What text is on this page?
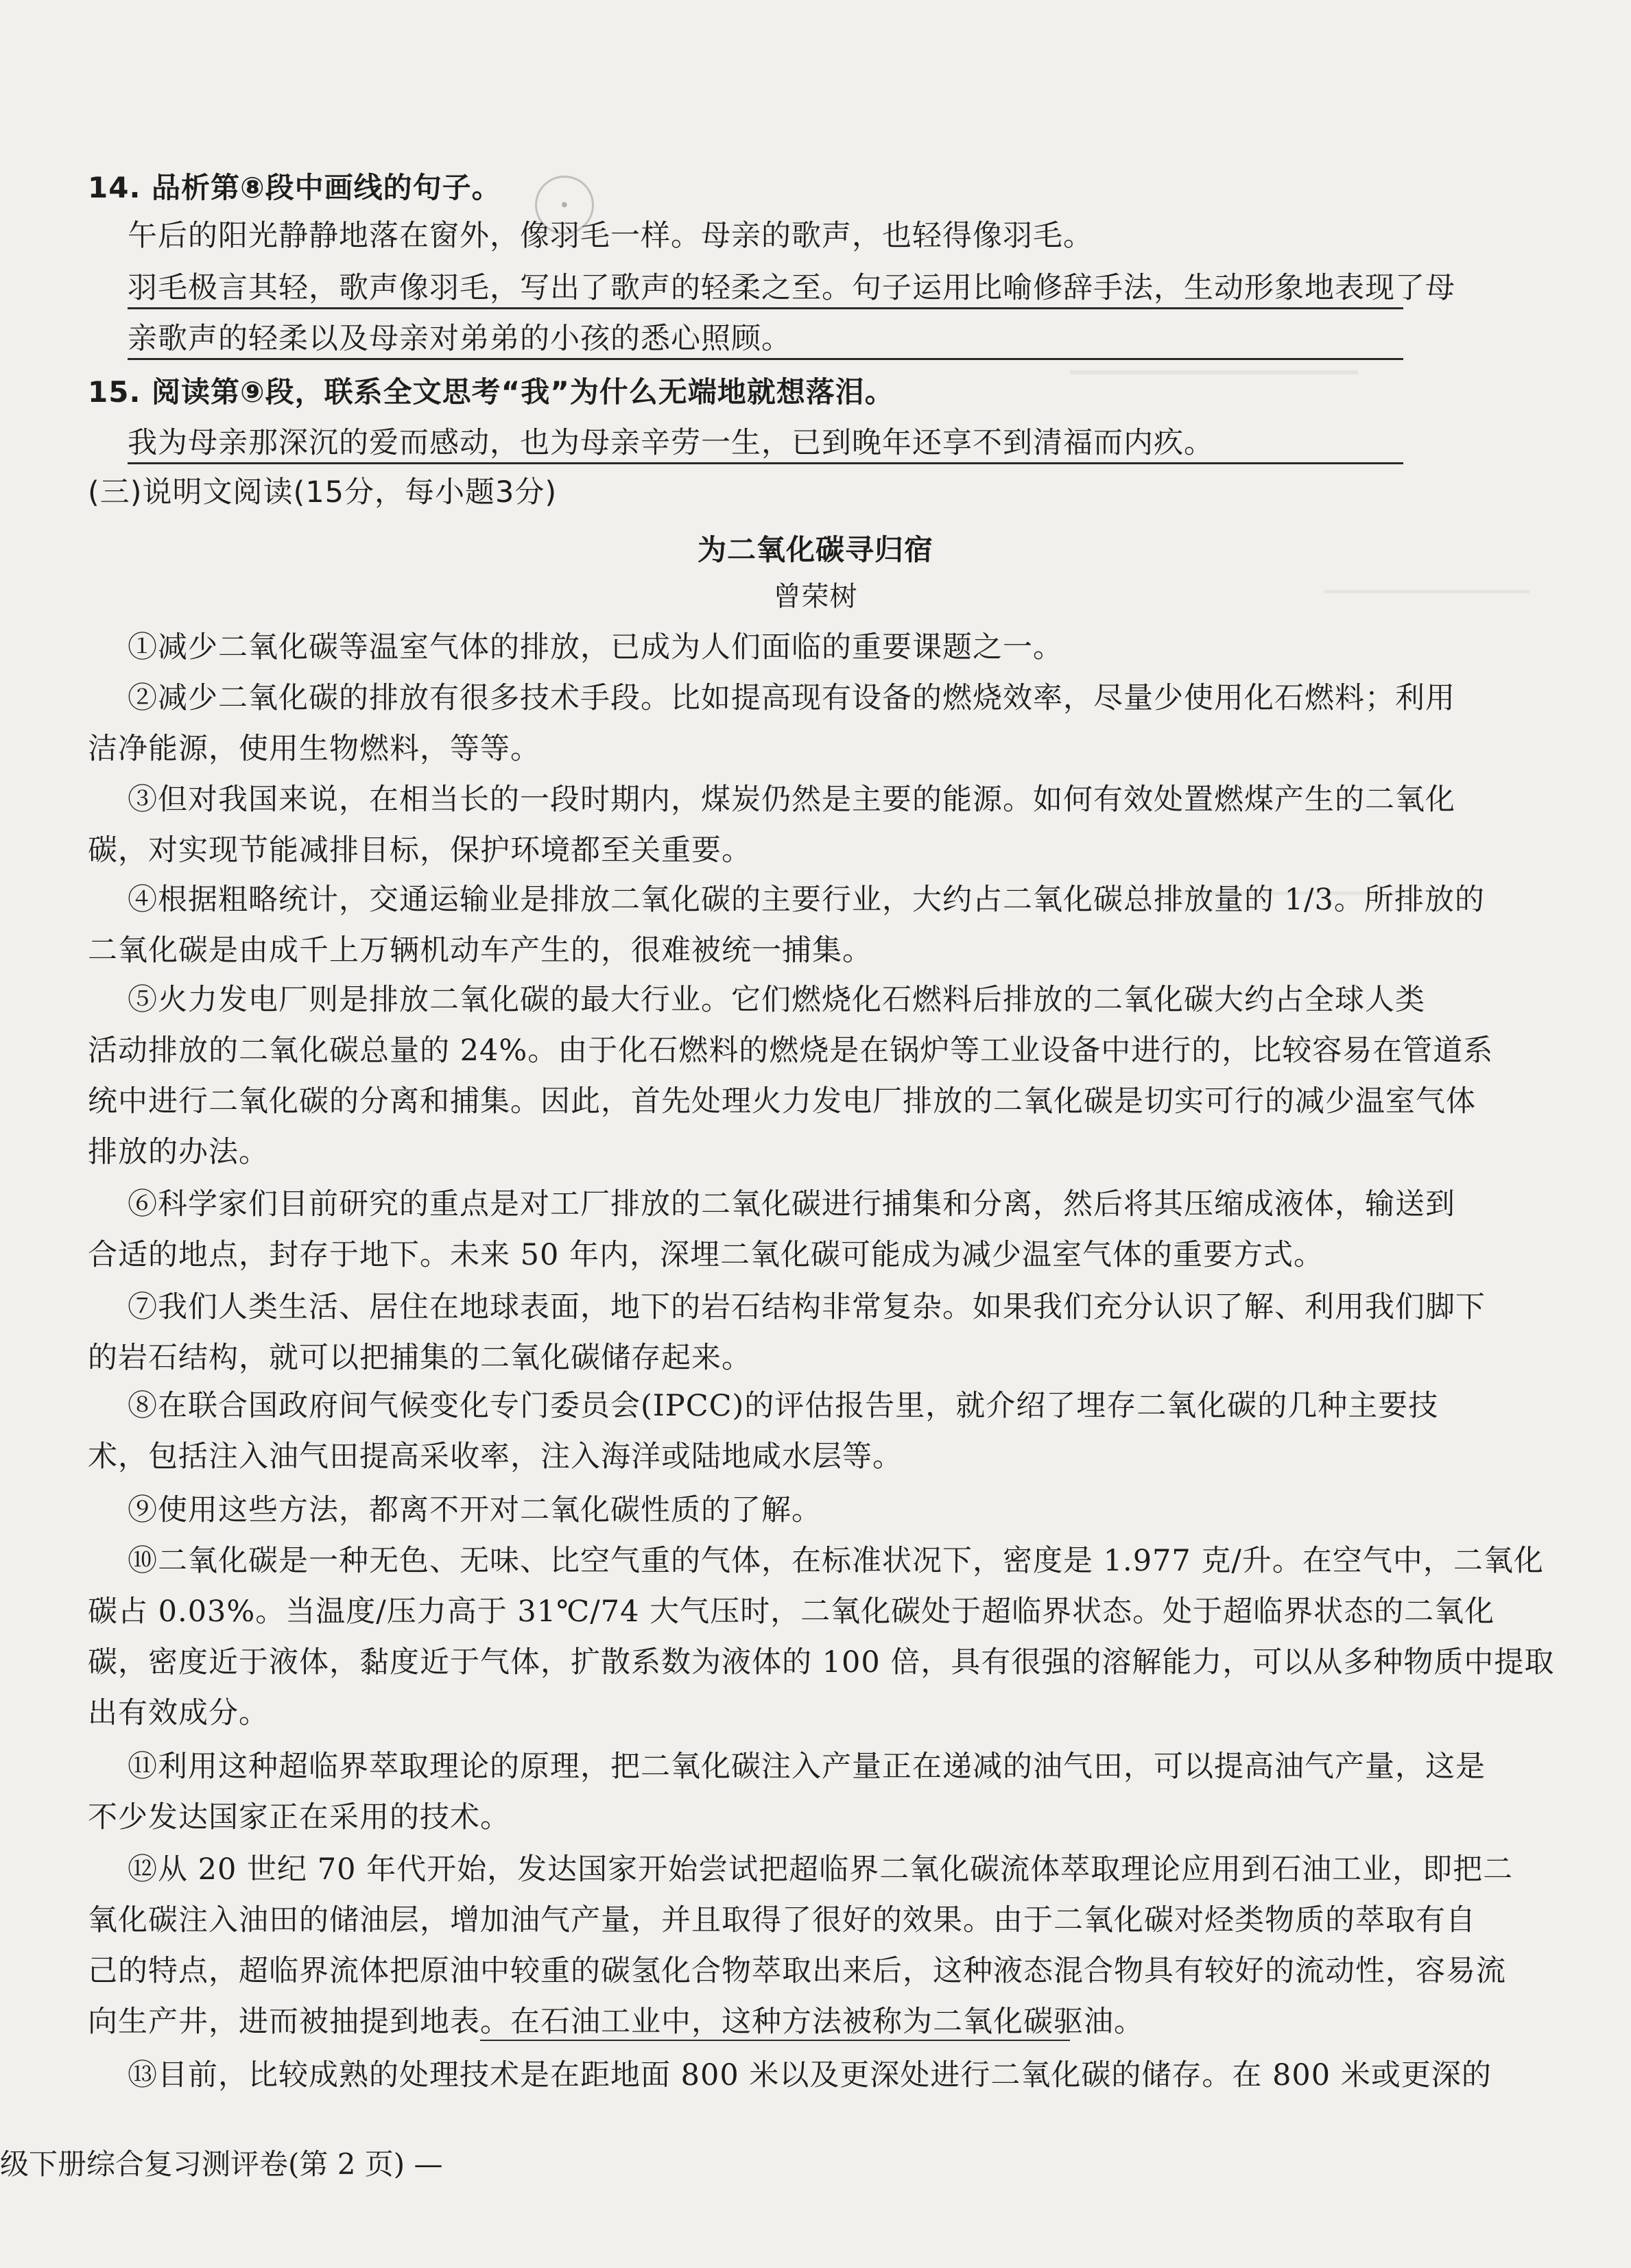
14. 品析第⑧段中画线的句子。
●
午后的阳光静静地落在窗外，像羽毛一样。母亲的歌声，也轻得像羽毛。
羽毛极言其轻，歌声像羽毛，写出了歌声的轻柔之至。句子运用比喻修辞手法，生动形象地表现了母
亲歌声的轻柔以及母亲对弟弟的小孩的悉心照顾。
15. 阅读第⑨段，联系全文思考“我”为什么无端地就想落泪。
我为母亲那深沉的爱而感动，也为母亲辛劳一生，已到晚年还享不到清福而内疚。
(三)说明文阅读(15分，每小题3分)
为二氧化碳寻归宿
曾荣树
①减少二氧化碳等温室气体的排放，已成为人们面临的重要课题之一。
②减少二氧化碳的排放有很多技术手段。比如提高现有设备的燃烧效率，尽量少使用化石燃料；利用
洁净能源，使用生物燃料，等等。
③但对我国来说，在相当长的一段时期内，煤炭仍然是主要的能源。如何有效处置燃煤产生的二氧化
碳，对实现节能减排目标，保护环境都至关重要。
④根据粗略统计，交通运输业是排放二氧化碳的主要行业，大约占二氧化碳总排放量的 1/3。所排放的
二氧化碳是由成千上万辆机动车产生的，很难被统一捕集。
⑤火力发电厂则是排放二氧化碳的最大行业。它们燃烧化石燃料后排放的二氧化碳大约占全球人类
活动排放的二氧化碳总量的 24%。由于化石燃料的燃烧是在锅炉等工业设备中进行的，比较容易在管道系
统中进行二氧化碳的分离和捕集。因此，首先处理火力发电厂排放的二氧化碳是切实可行的减少温室气体
排放的办法。
⑥科学家们目前研究的重点是对工厂排放的二氧化碳进行捕集和分离，然后将其压缩成液体，输送到
合适的地点，封存于地下。未来 50 年内，深埋二氧化碳可能成为减少温室气体的重要方式。
⑦我们人类生活、居住在地球表面，地下的岩石结构非常复杂。如果我们充分认识了解、利用我们脚下
的岩石结构，就可以把捕集的二氧化碳储存起来。
⑧在联合国政府间气候变化专门委员会(IPCC)的评估报告里，就介绍了埋存二氧化碳的几种主要技
术，包括注入油气田提高采收率，注入海洋或陆地咸水层等。
⑨使用这些方法，都离不开对二氧化碳性质的了解。
⑩二氧化碳是一种无色、无味、比空气重的气体，在标准状况下，密度是 1.977 克/升。在空气中，二氧化
碳占 0.03%。当温度/压力高于 31℃/74 大气压时，二氧化碳处于超临界状态。处于超临界状态的二氧化
碳，密度近于液体，黏度近于气体，扩散系数为液体的 100 倍，具有很强的溶解能力，可以从多种物质中提取
出有效成分。
⑪利用这种超临界萃取理论的原理，把二氧化碳注入产量正在递减的油气田，可以提高油气产量，这是
不少发达国家正在采用的技术。
⑫从 20 世纪 70 年代开始，发达国家开始尝试把超临界二氧化碳流体萃取理论应用到石油工业，即把二
氧化碳注入油田的储油层，增加油气产量，并且取得了很好的效果。由于二氧化碳对烃类物质的萃取有自
己的特点，超临界流体把原油中较重的碳氢化合物萃取出来后，这种液态混合物具有较好的流动性，容易流
向生产井，进而被抽提到地表。在石油工业中，这种方法被称为二氧化碳驱油。
⑬目前，比较成熟的处理技术是在距地面 800 米以及更深处进行二氧化碳的储存。在 800 米或更深的
级下册综合复习测评卷(第 2 页) —
